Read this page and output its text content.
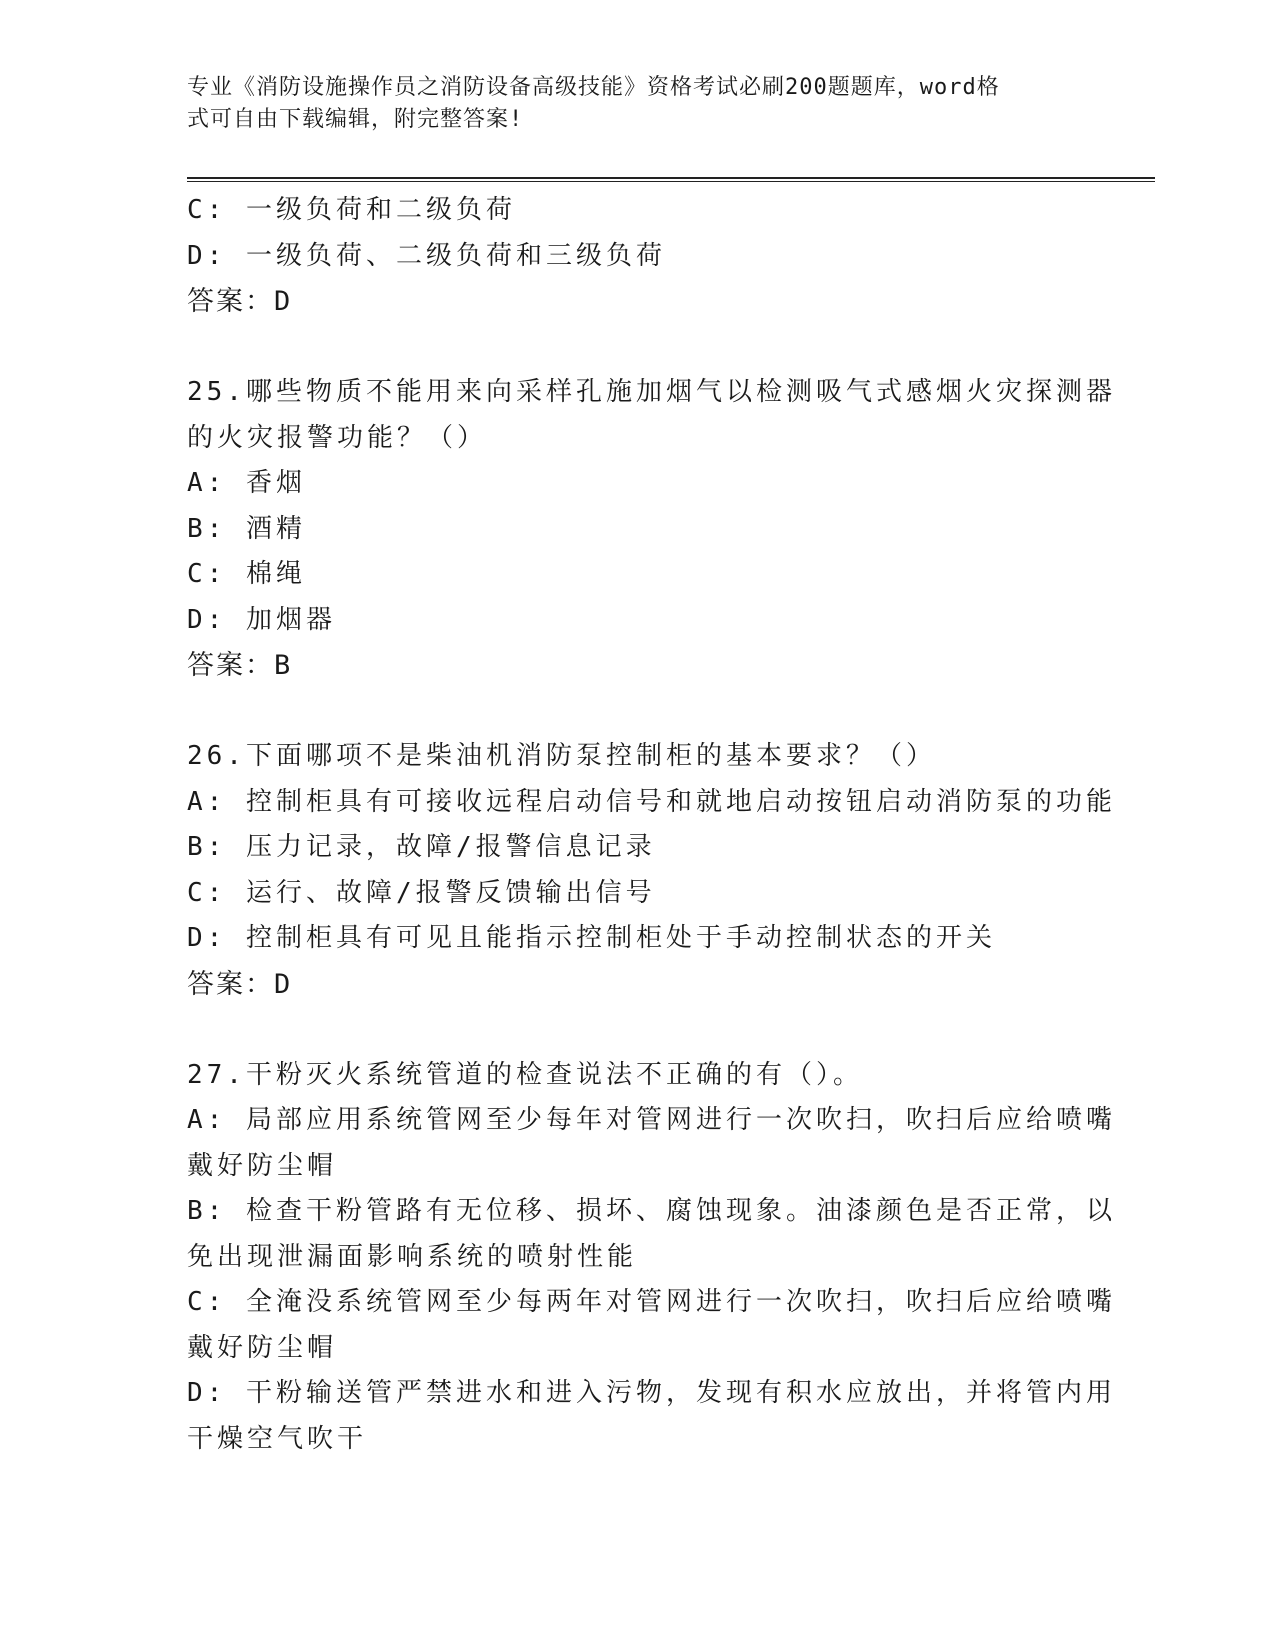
专业《消防设施操作员之消防设备高级技能》资格考试必刷200题题库，word格
式可自由下载编辑，附完整答案!
C: 一级负荷和二级负荷
D: 一级负荷、二级负荷和三级负荷
答案：D
25.哪些物质不能用来向采样孔施加烟气以检测吸气式感烟火灾探测器
的火灾报警功能？（）
A: 香烟
B: 酒精
C: 棉绳
D: 加烟器
答案：B
26.下面哪项不是柴油机消防泵控制柜的基本要求？（）
A: 控制柜具有可接收远程启动信号和就地启动按钮启动消防泵的功能
B: 压力记录，故障/报警信息记录
C: 运行、故障/报警反馈输出信号
D: 控制柜具有可见且能指示控制柜处于手动控制状态的开关
答案：D
27.干粉灭火系统管道的检查说法不正确的有（）。
A: 局部应用系统管网至少每年对管网进行一次吹扫，吹扫后应给喷嘴
戴好防尘帽
B: 检查干粉管路有无位移、损坏、腐蚀现象。油漆颜色是否正常，以
免出现泄漏面影响系统的喷射性能
C: 全淹没系统管网至少每两年对管网进行一次吹扫，吹扫后应给喷嘴
戴好防尘帽
D: 干粉输送管严禁进水和进入污物，发现有积水应放出，并将管内用
干燥空气吹干
